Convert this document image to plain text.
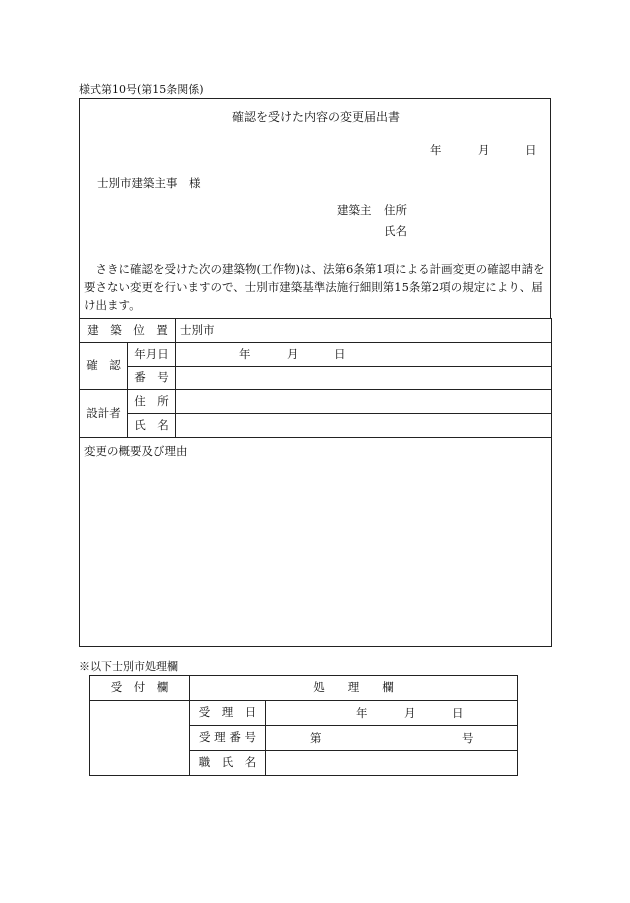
様式第10号(第15条関係)
確認を受けた内容の変更届出書
年	月	日
士別市建築主事　様
建築主 住所
氏名
さきに確認を受けた次の建築物(工作物)は、法第6条第1項による計画変更の確認申請を要さない変更を行いますので、士別市建築基準法施行細則第15条第2項の規定により、届け出ます。
建　築　位　置		士別市
確　認	年月日	年 月 日

	番　号	
設計者	住　所	
	氏　名	
変更の概要及び理由		
※以下士別市処理欄
受　付　欄	処　　理　　欄	
	受　理　日	年 月 日

	受 理 番 号	第 号

	職　氏　名	
